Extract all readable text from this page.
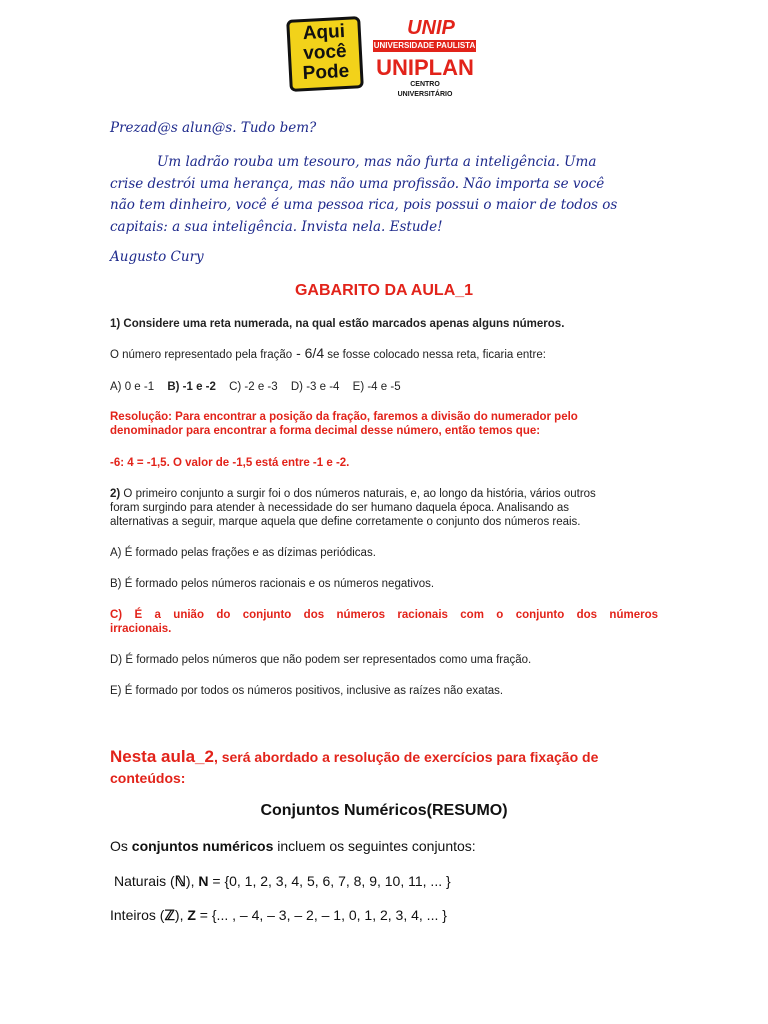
Aqui
você
Pode
UNIP
UNIVERSIDADE PAULISTA
UNIPLAN
CENTRO UNIVERSITÁRIO
Prezad@s alun@s. Tudo bem?
Um ladrão rouba um tesouro, mas não furta a inteligência. Uma
crise destrói uma herança, mas não uma profissão. Não importa se você
não tem dinheiro, você é uma pessoa rica, pois possui o maior de todos os
capitais: a sua inteligência. Invista nela. Estude!
Augusto Cury
GABARITO DA AULA_1
1) Considere uma reta numerada, na qual estão marcados apenas alguns números.
O número representado pela fração - 6/4 se fosse colocado nessa reta, ficaria entre:
A) 0 e -1 B) -1 e -2 C) -2 e -3 D) -3 e -4 E) -4 e -5
Resolução: Para encontrar a posição da fração, faremos a divisão do numerador pelo
denominador para encontrar a forma decimal desse número, então temos que:
-6: 4 = -1,5. O valor de -1,5 está entre -1 e -2.
2) O primeiro conjunto a surgir foi o dos números naturais, e, ao longo da história, vários outros
foram surgindo para atender à necessidade do ser humano daquela época. Analisando as
alternativas a seguir, marque aquela que define corretamente o conjunto dos números reais.
A) É formado pelas frações e as dízimas periódicas.
B) É formado pelos números racionais e os números negativos.
C) É a união do conjunto dos números racionais com o conjunto dos números
irracionais.
D) É formado pelos números que não podem ser representados como uma fração.
E) É formado por todos os números positivos, inclusive as raízes não exatas.
Nesta aula_2, será abordado a resolução de exercícios para fixação de
conteúdos:
Conjuntos Numéricos(RESUMO)
Os conjuntos numéricos incluem os seguintes conjuntos:
Naturais (ℕ), N = {0, 1, 2, 3, 4, 5, 6, 7, 8, 9, 10, 11, ... }
Inteiros (ℤ), Z = {... , – 4, – 3, – 2, – 1, 0, 1, 2, 3, 4, ... }
